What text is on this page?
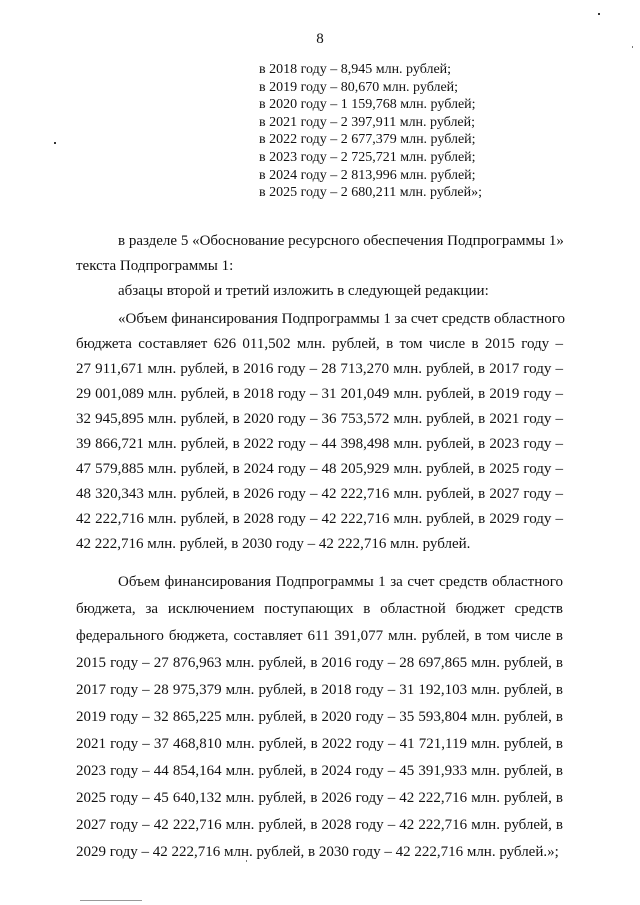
8
в 2018 году – 8,945 млн. рублей;
в 2019 году – 80,670 млн. рублей;
в 2020 году – 1 159,768 млн. рублей;
в 2021 году – 2 397,911 млн. рублей;
в 2022 году – 2 677,379 млн. рублей;
в 2023 году – 2 725,721 млн. рублей;
в 2024 году – 2 813,996 млн. рублей;
в 2025 году – 2 680,211 млн. рублей»;
в разделе 5 «Обоснование ресурсного обеспечения Подпрограммы 1»
текста Подпрограммы 1:
абзацы второй и третий изложить в следующей редакции:
«Объем финансирования Подпрограммы 1 за счет средств областного
бюджета составляет 626 011,502 млн. рублей, в том числе в 2015 году –
27 911,671 млн. рублей, в 2016 году – 28 713,270 млн. рублей, в 2017 году –
29 001,089 млн. рублей, в 2018 году – 31 201,049 млн. рублей, в 2019 году –
32 945,895 млн. рублей, в 2020 году – 36 753,572 млн. рублей, в 2021 году –
39 866,721 млн. рублей, в 2022 году – 44 398,498 млн. рублей, в 2023 году –
47 579,885 млн. рублей, в 2024 году – 48 205,929 млн. рублей, в 2025 году –
48 320,343 млн. рублей, в 2026 году – 42 222,716 млн. рублей, в 2027 году –
42 222,716 млн. рублей, в 2028 году – 42 222,716 млн. рублей, в 2029 году –
42 222,716 млн. рублей, в 2030 году – 42 222,716 млн. рублей.
Объем финансирования Подпрограммы 1 за счет средств областного
бюджета, за исключением поступающих в областной бюджет средств
федерального бюджета, составляет 611 391,077 млн. рублей, в том числе в
2015 году – 27 876,963 млн. рублей, в 2016 году – 28 697,865 млн. рублей, в
2017 году – 28 975,379 млн. рублей, в 2018 году – 31 192,103 млн. рублей, в
2019 году – 32 865,225 млн. рублей, в 2020 году – 35 593,804 млн. рублей, в
2021 году – 37 468,810 млн. рублей, в 2022 году – 41 721,119 млн. рублей, в
2023 году – 44 854,164 млн. рублей, в 2024 году – 45 391,933 млн. рублей, в
2025 году – 45 640,132 млн. рублей, в 2026 году – 42 222,716 млн. рублей, в
2027 году – 42 222,716 млн. рублей, в 2028 году – 42 222,716 млн. рублей, в
2029 году – 42 222,716 млн. рублей, в 2030 году – 42 222,716 млн. рублей.»;
